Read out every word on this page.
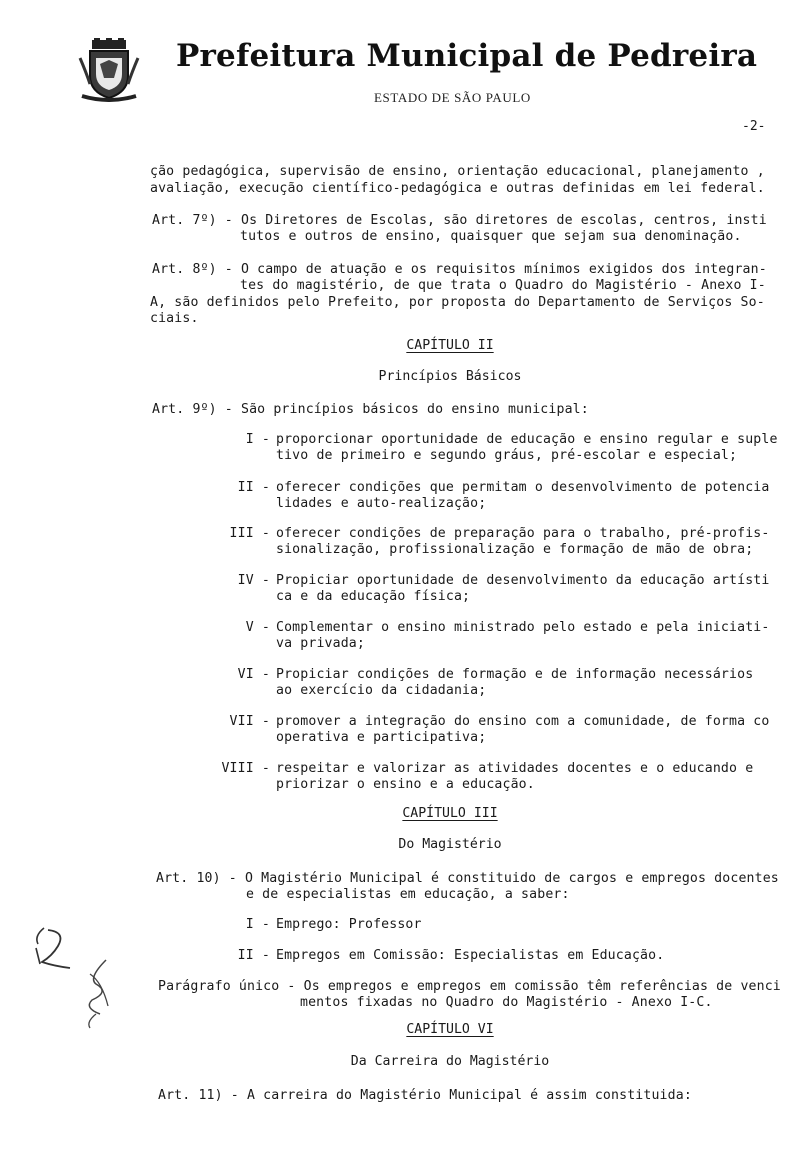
Prefeitura Municipal de Pedreira
ESTADO DE SÃO PAULO
-2-
ção pedagógica, supervisão de ensino, orientação educacional, planejamento ,
avaliação, execução científico-pedagógica e outras definidas em lei federal.
Art. 7º) - Os Diretores de Escolas, são diretores de escolas, centros, insti
tutos e outros de ensino, quaisquer que sejam sua denominação.
Art. 8º) - O campo de atuação e os requisitos mínimos exigidos dos integran-
tes do magistério, de que trata o Quadro do Magistério - Anexo I-
A, são definidos pelo Prefeito, por proposta do Departamento de Serviços So-
ciais.
CAPÍTULO II
Princípios Básicos
Art. 9º) - São princípios básicos do ensino municipal:
I - proporcionar oportunidade de educação e ensino regular e suple
tivo de primeiro e segundo gráus, pré-escolar e especial;
II - oferecer condições que permitam o desenvolvimento de potencia
lidades e auto-realização;
III - oferecer condições de preparação para o trabalho, pré-profis-
sionalização, profissionalização e formação de mão de obra;
IV - Propiciar oportunidade de desenvolvimento da educação artísti
ca e da educação física;
V - Complementar o ensino ministrado pelo estado e pela iniciati-
va privada;
VI - Propiciar condições de formação e de informação necessários
ao exercício da cidadania;
VII - promover a integração do ensino com a comunidade, de forma co
operativa e participativa;
VIII - respeitar e valorizar as atividades docentes e o educando e
priorizar o ensino e a educação.
CAPÍTULO III
Do Magistério
Art. 10) - O Magistério Municipal é constituido de cargos e empregos docentes
e de especialistas em educação, a saber:
I - Emprego: Professor
II - Empregos em Comissão: Especialistas em Educação.
Parágrafo único - Os empregos e empregos em comissão têm referências de venci
mentos fixadas no Quadro do Magistério - Anexo I-C.
CAPÍTULO VI
Da Carreira do Magistério
Art. 11) - A carreira do Magistério Municipal é assim constituida:
